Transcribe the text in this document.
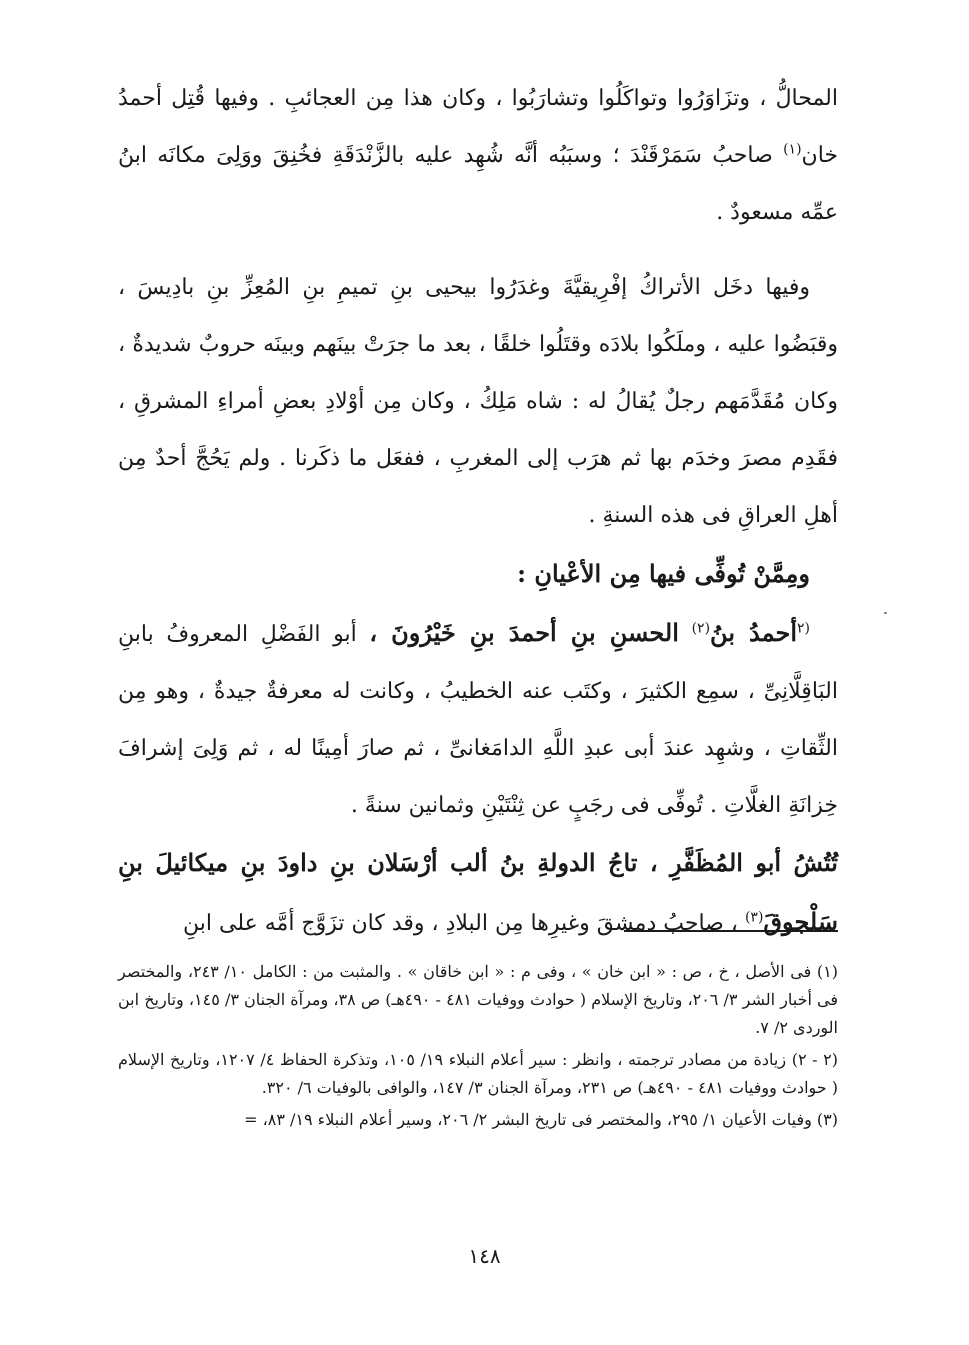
المحالُّ ، وتزَاوَرُوا وتواكَلُوا وتشارَبُوا ، وكان هذا مِن العجائبِ . وفيها قُتِل أحمدُ خان$^{(١)}$ صاحبُ سَمَرْقَنْدَ ؛ وسبَبُه أنَّه شُهِد عليه بالزَّنْدَقَةِ فخُنِقَ ووَلِىَ مكانَه ابنُ عمِّه مسعودٌ .

وفيها دخَل الأتراكُ إفْرِيقيَّةَ وغدَرُوا بيحيى بنِ تميمِ بنِ المُعِزِّ بنِ بادِيسَ ، وقبَضُوا عليه ، وملَكُوا بلادَه وقتَلُوا خلقًا ، بعد ما جرَتْ بينَهم وبينَه حروبٌ شديدةٌ ، وكان مُقَدَّمَهم رجلٌ يُقالُ له : شاه مَلِكُ ، وكان مِن أوْلادِ بعضِ أمراءِ المشرقِ ، فقَدِم مصرَ وخدَم بها ثم هرَب إلى المغربِ ، ففعَل ما ذكَرنا . ولم يَحُجَّ أحدٌ مِن أهلِ العراقِ فى هذه السنةِ .

ومِمَّنْ تُوفِّى فيها مِن الأعْيانِ :

$^{(٢}$أحمدُ بنُ$^{(٢)}$ الحسنِ بنِ أحمدَ بنِ خَيْرُونَ ، أبو الفَضْلِ المعروفُ بابنِ البَاقِلَّانِىِّ ، سمِع الكثيرَ ، وكتَب عنه الخطيبُ ، وكانت له معرفةٌ جيدةٌ ، وهو مِن الثِّقاتِ ، وشهِد عندَ أبى عبدِ اللَّهِ الدامَغانىِّ ، ثم صارَ أمِينًا له ، ثم وَلِىَ إشرافَ خِزانَةِ الغلَّاتِ . تُوفِّى فى رجَبٍ عن ثِنْتَيْنِ وثمانين سنةً .

تُتُشُ أبو المُظَفَّرِ ، تاجُ الدولةِ بنُ ألب أرْسَلان بنِ داودَ بنِ ميكائيلَ بنِ سَلْجوقَ$^{(٣)}$ ، صاحبُ دمشقَ وغيرِها مِن البلادِ ، وقد كان تزَوَّج أمَّه على ابنِ

(١) فى الأصل ، خ ، ص : « ابن خان » ، وفى م : « ابن خاقان » . والمثبت من : الكامل ١٠/ ٢٤٣، والمختصر فى أخبار الشر ٣/ ٢٠٦، وتاريخ الإسلام ( حوادث ووفيات ٤٨١ - ٤٩٠هـ) ص ٣٨، ومرآة الجنان ٣/ ١٤٥، وتاريخ ابن الوردى ٢/ ٧.

(٢ - ٢) زيادة من مصادر ترجمته ، وانظر : سير أعلام النبلاء ١٩/ ١٠٥، وتذكرة الحفاظ ٤/ ١٢٠٧، وتاريخ الإسلام ( حوادث ووفيات ٤٨١ - ٤٩٠هـ) ص ٢٣١، ومرآة الجنان ٣/ ١٤٧، والوافى بالوفيات ٦/ ٣٢٠.

(٣) وفيات الأعيان ١/ ٢٩٥، والمختصر فى تاريخ البشر ٢/ ٢٠٦، وسير أعلام النبلاء ١٩/ ٨٣، =

١٤٨
